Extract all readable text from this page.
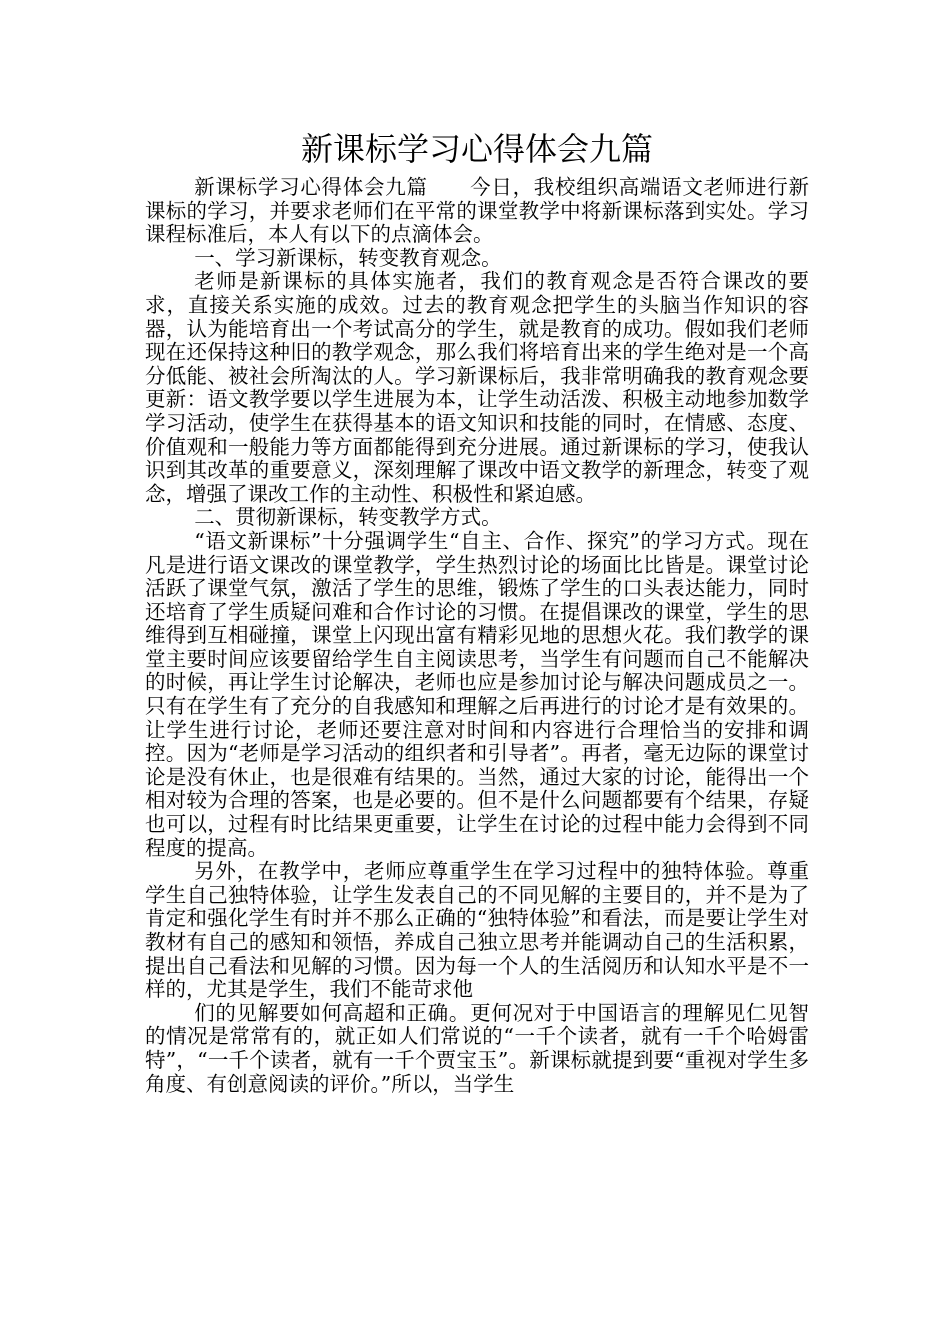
新课标学习心得体会九篇

新课标学习心得体会九篇　　今日，我校组织高端语文老师进行新课标的学习，并要求老师们在平常的课堂教学中将新课标落到实处。学习课程标准后，本人有以下的点滴体会。

一、学习新课标，转变教育观念。

老师是新课标的具体实施者，我们的教育观念是否符合课改的要求，直接关系实施的成效。过去的教育观念把学生的头脑当作知识的容器，认为能培育出一个考试高分的学生，就是教育的成功。假如我们老师现在还保持这种旧的教学观念，那么我们将培育出来的学生绝对是一个高分低能、被社会所淘汰的人。学习新课标后，我非常明确我的教育观念要更新：语文教学要以学生进展为本，让学生动活泼、积极主动地参加数学学习活动，使学生在获得基本的语文知识和技能的同时，在情感、态度、价值观和一般能力等方面都能得到充分进展。通过新课标的学习，使我认识到其改革的重要意义，深刻理解了课改中语文教学的新理念，转变了观念，增强了课改工作的主动性、积极性和紧迫感。

二、贯彻新课标，转变教学方式。

“语文新课标”十分强调学生“自主、合作、探究”的学习方式。现在凡是进行语文课改的课堂教学，学生热烈讨论的场面比比皆是。课堂讨论活跃了课堂气氛，激活了学生的思维，锻炼了学生的口头表达能力，同时还培育了学生质疑问难和合作讨论的习惯。在提倡课改的课堂，学生的思维得到互相碰撞，课堂上闪现出富有精彩见地的思想火花。我们教学的课堂主要时间应该要留给学生自主阅读思考，当学生有问题而自己不能解决的时候，再让学生讨论解决，老师也应是参加讨论与解决问题成员之一。只有在学生有了充分的自我感知和理解之后再进行的讨论才是有效果的。让学生进行讨论，老师还要注意对时间和内容进行合理恰当的安排和调控。因为“老师是学习活动的组织者和引导者”。再者，毫无边际的课堂讨论是没有休止，也是很难有结果的。当然，通过大家的讨论，能得出一个相对较为合理的答案，也是必要的。但不是什么问题都要有个结果，存疑也可以，过程有时比结果更重要，让学生在讨论的过程中能力会得到不同程度的提高。

另外，在教学中，老师应尊重学生在学习过程中的独特体验。尊重学生自己独特体验，让学生发表自己的不同见解的主要目的，并不是为了肯定和强化学生有时并不那么正确的“独特体验”和看法，而是要让学生对教材有自己的感知和领悟，养成自己独立思考并能调动自己的生活积累，提出自己看法和见解的习惯。因为每一个人的生活阅历和认知水平是不一样的，尤其是学生，我们不能苛求他

们的见解要如何高超和正确。更何况对于中国语言的理解见仁见智的情况是常常有的，就正如人们常说的“一千个读者，就有一千个哈姆雷特”，“一千个读者，就有一千个贾宝玉”。新课标就提到要“重视对学生多角度、有创意阅读的评价。”所以，当学生
